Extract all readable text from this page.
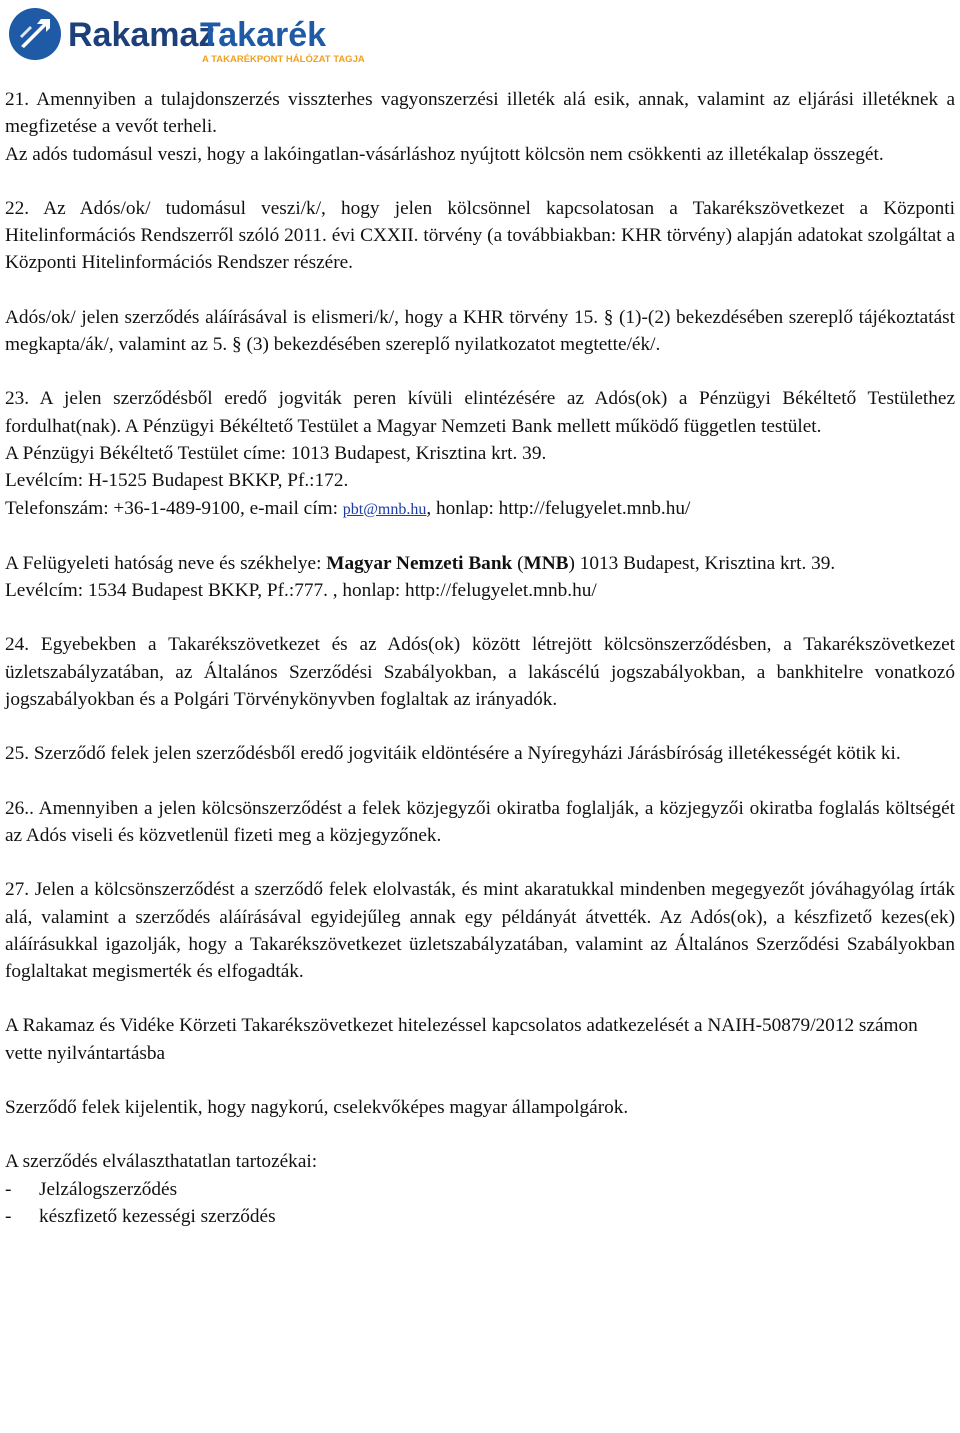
Rakamaz
Takarék
A TAKARÉKPONT HÁLÓZAT TAGJA

21. Amennyiben a tulajdonszerzés visszterhes vagyonszerzési illeték alá esik, annak, valamint az eljárási illetéknek a megfizetése a vevőt terheli.

Az adós tudomásul veszi, hogy a lakóingatlan-vásárláshoz nyújtott kölcsön nem csökkenti az illetékalap összegét.

22. Az Adós/ok/ tudomásul veszi/k/, hogy jelen kölcsönnel kapcsolatosan a Takarékszövetkezet a Központi Hitelinformációs Rendszerről szóló 2011. évi CXXII. törvény (a továbbiakban: KHR törvény) alapján adatokat szolgáltat a Központi Hitelinformációs Rendszer részére.

Adós/ok/ jelen szerződés aláírásával is elismeri/k/, hogy a KHR törvény 15. § (1)-(2) bekezdésében szereplő tájékoztatást megkapta/ák/, valamint az 5. § (3) bekezdésében szereplő nyilatkozatot megtette/ék/.

23. A jelen szerződésből eredő jogviták peren kívüli elintézésére az Adós(ok) a Pénzügyi Békéltető Testülethez fordulhat(nak). A Pénzügyi Békéltető Testület a Magyar Nemzeti Bank mellett működő független testület.

A Pénzügyi Békéltető Testület címe: 1013 Budapest, Krisztina krt. 39.

Levélcím: H-1525 Budapest BKKP, Pf.:172.

Telefonszám: +36-1-489-9100, e-mail cím: pbt@mnb.hu, honlap: http://felugyelet.mnb.hu/

A Felügyeleti hatóság neve és székhelye: Magyar Nemzeti Bank (MNB) 1013 Budapest, Krisztina krt. 39.

Levélcím: 1534 Budapest BKKP, Pf.:777. , honlap: http://felugyelet.mnb.hu/

24. Egyebekben a Takarékszövetkezet és az Adós(ok) között létrejött kölcsönszerződésben, a Takarékszövetkezet üzletszabályzatában, az Általános Szerződési Szabályokban, a lakáscélú jogszabályokban, a bankhitelre vonatkozó jogszabályokban és a Polgári Törvénykönyvben foglaltak az irányadók.

25. Szerződő felek jelen szerződésből eredő jogvitáik eldöntésére a Nyíregyházi Járásbíróság illetékességét kötik ki.

26.. Amennyiben a jelen kölcsönszerződést a felek közjegyzői okiratba foglalják, a közjegyzői okiratba foglalás költségét az Adós viseli és közvetlenül fizeti meg a közjegyzőnek.

27. Jelen a kölcsönszerződést a szerződő felek elolvasták, és mint akaratukkal mindenben megegyezőt jóváhagyólag írták alá, valamint a szerződés aláírásával egyidejűleg annak egy példányát átvették. Az Adós(ok), a készfizető kezes(ek) aláírásukkal igazolják, hogy a Takarékszövetkezet üzletszabályzatában, valamint az Általános Szerződési Szabályokban foglaltakat megismerték és elfogadták.

A Rakamaz és Vidéke Körzeti Takarékszövetkezet hitelezéssel kapcsolatos adatkezelését a NAIH-50879/2012 számon vette nyilvántartásba

Szerződő felek kijelentik, hogy nagykorú, cselekvőképes magyar állampolgárok.

A szerződés elválaszthatatlan tartozékai:

-	Jelzálogszerződés
-	készfizető kezességi szerződés
